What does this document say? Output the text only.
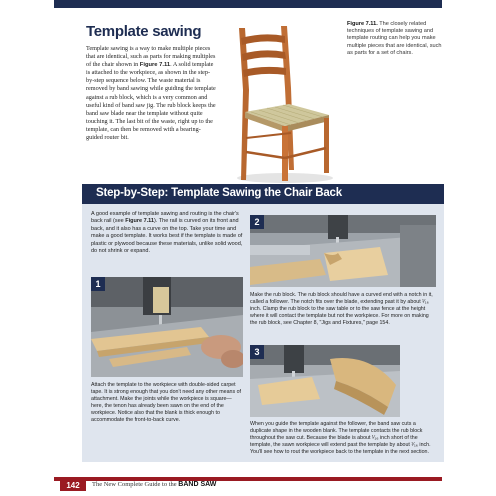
Template sawing
Template sawing is a way to make multiple pieces that are identical, such as parts for making multiples of the chair shown in Figure 7.11. A solid template is attached to the workpiece, as shown in the step-by-step sequence below. The waste material is removed by band sawing while guiding the template against a rub block, which is a very common and useful kind of band saw jig. The rub block keeps the band saw blade near the template without quite touching it. The last bit of the waste, right up to the template, can then be removed with a bearing-guided router bit.
Figure 7.11. The closely related techniques of template sawing and template routing can help you make multiple pieces that are identical, such as parts for a set of chairs.
Step-by-Step: Template Sawing the Chair Back
A good example of template sawing and routing is the chair's back rail (see Figure 7.11). The rail is curved on its front and back, and it also has a curve on the top. Take your time and make a good template. It works best if the template is made of plastic or plywood because these materials, unlike solid wood, do not shrink or expand.
1
Attach the template to the workpiece with double-sided carpet tape. It is strong enough that you don't need any other means of attachment. Make the joints while the workpiece is square—here, the tenon has already been sawn on the end of the workpiece. Notice also that the blank is thick enough to accommodate the front-to-back curve.
2
Make the rub block. The rub block should have a curved end with a notch in it, called a follower. The notch fits over the blade, extending past it by about ¹⁄₁₆ inch. Clamp the rub block to the saw table or to the saw fence at the height where it will contact the template but not the workpiece. For more on making the rub block, see Chapter 8, "Jigs and Fixtures," page 154.
3
When you guide the template against the follower, the band saw cuts a duplicate shape in the wooden blank. The template contacts the rub block throughout the saw cut. Because the blade is about ¹⁄₁₆ inch short of the template, the sawn workpiece will extend past the template by about ¹⁄₁₆ inch. You'll see how to rout the workpiece back to the template in the next section.
142	The New Complete Guide to the BAND SAW
